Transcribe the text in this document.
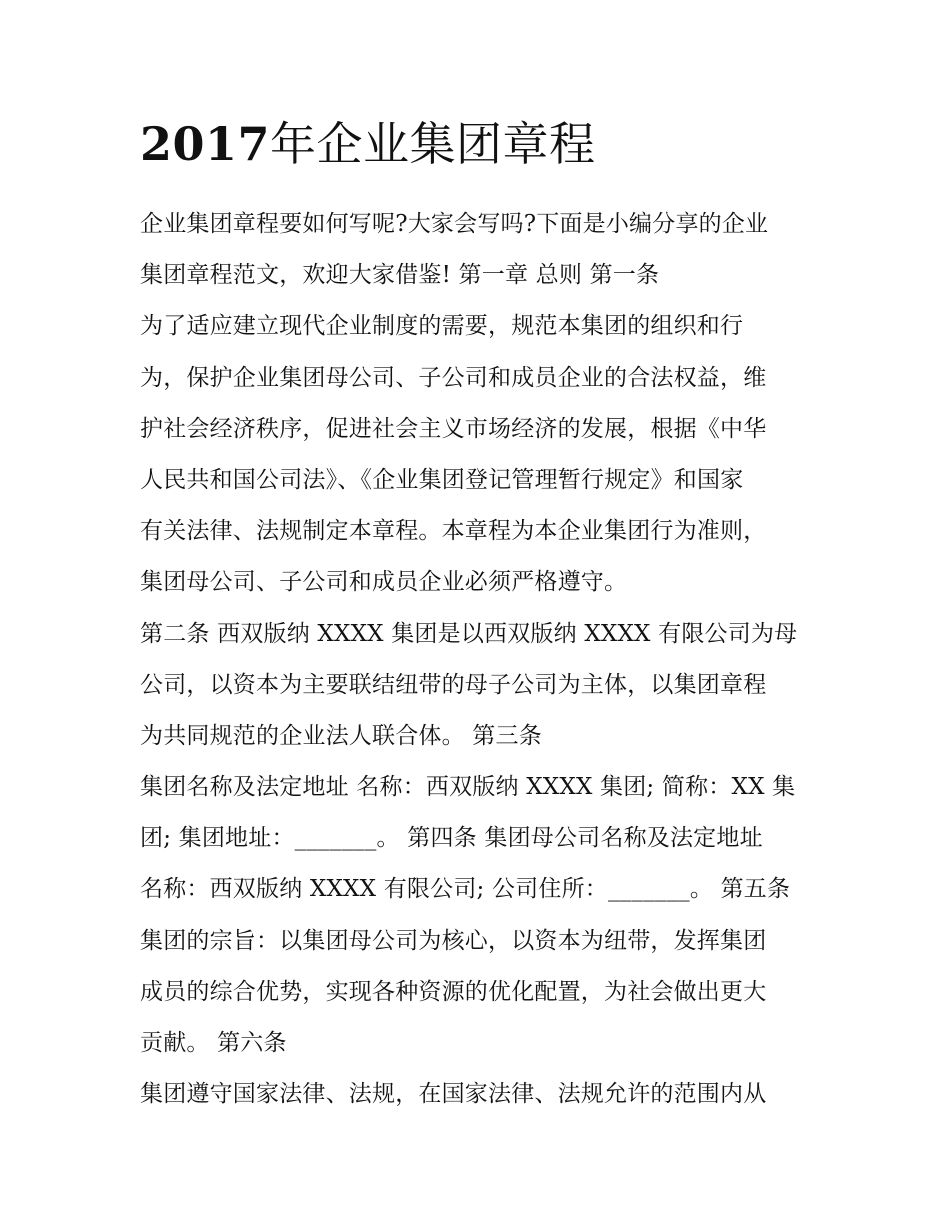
2017年企业集团章程
企业集团章程要如何写呢?大家会写吗?下面是小编分享的企业
集团章程范文，欢迎大家借鉴! 第一章 总则 第一条
为了适应建立现代企业制度的需要，规范本集团的组织和行
为，保护企业集团母公司、子公司和成员企业的合法权益，维
护社会经济秩序，促进社会主义市场经济的发展，根据《中华
人民共和国公司法》、《企业集团登记管理暂行规定》和国家
有关法律、法规制定本章程。本章程为本企业集团行为准则，
集团母公司、子公司和成员企业必须严格遵守。
第二条 西双版纳 XXXX 集团是以西双版纳 XXXX 有限公司为母
公司，以资本为主要联结纽带的母子公司为主体，以集团章程
为共同规范的企业法人联合体。 第三条
集团名称及法定地址 名称：西双版纳 XXXX 集团; 简称：XX 集
团; 集团地址：_______。 第四条 集团母公司名称及法定地址
名称：西双版纳 XXXX 有限公司; 公司住所：_______。 第五条
集团的宗旨：以集团母公司为核心，以资本为纽带，发挥集团
成员的综合优势，实现各种资源的优化配置，为社会做出更大
贡献。 第六条
集团遵守国家法律、法规，在国家法律、法规允许的范围内从
